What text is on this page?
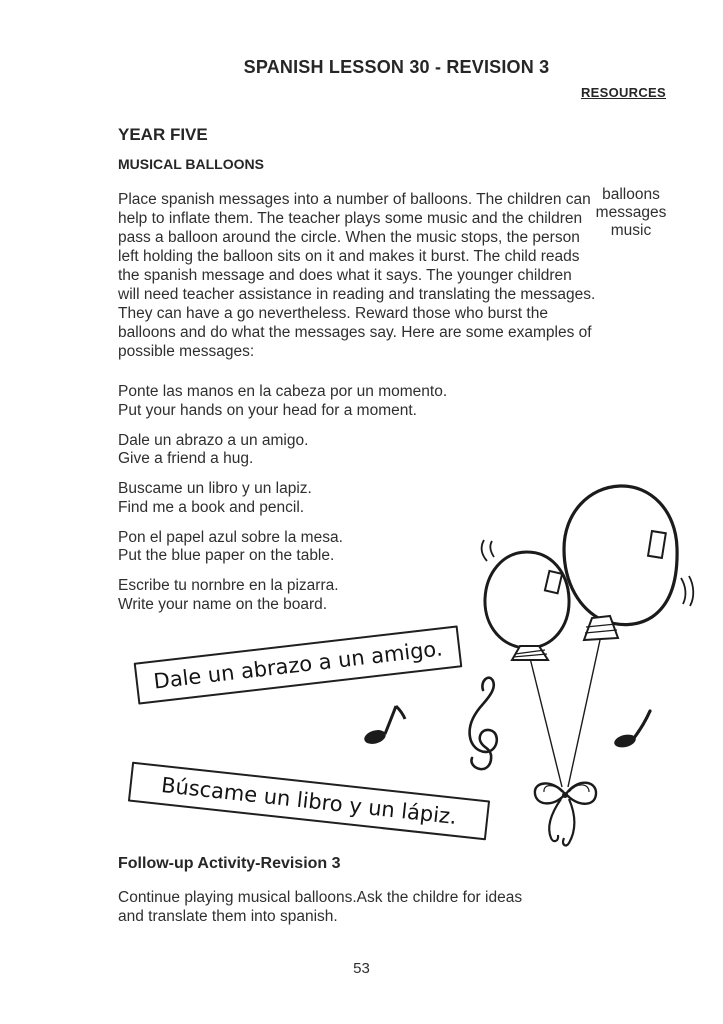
SPANISH LESSON 30 - REVISION 3
RESOURCES
YEAR FIVE
MUSICAL BALLOONS
Place spanish messages into a number of balloons. The children can help to inflate them. The teacher plays some music and the children pass a balloon around the circle. When the music stops, the person left holding the balloon sits on it and makes it burst. The child reads the spanish message and does what it says. The younger children will need teacher assistance in reading and translating the messages. They can have a go nevertheless. Reward those who burst the balloons and do what the messages say. Here are some examples of possible messages:
balloons
messages
music
Ponte las manos en la cabeza por un momento.
Put your hands on your head for a moment.
Dale un abrazo a un amigo.
Give a friend a hug.
Buscame un libro y un lapiz.
Find me a book and pencil.
Pon el papel azul sobre la mesa.
Put the blue paper on the table.
Escribe tu nornbre en la pizarra.
Write your name on the board.
Dale un abrazo a un amigo.
Búscame un libro y un lápiz.
Follow-up Activity-Revision 3
Continue playing musical balloons.Ask the childre for ideas and translate them into spanish.
53
